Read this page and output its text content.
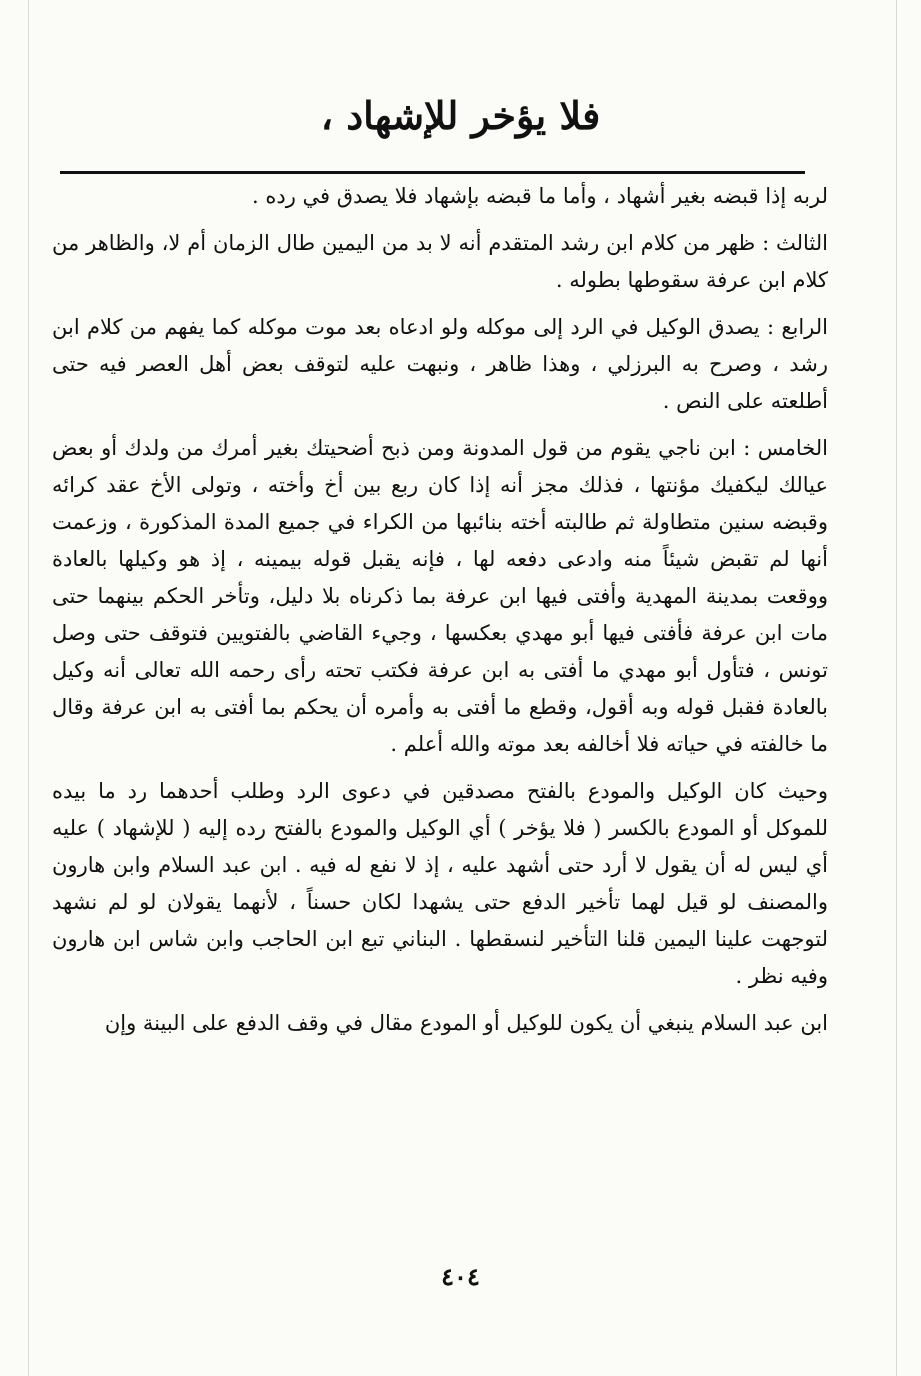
فلا يؤخر للإشهاد ،

لربه إذا قبضه بغير أشهاد ، وأما ما قبضه بإشهاد فلا يصدق في رده .

الثالث : ظهر من كلام ابن رشد المتقدم أنه لا بد من اليمين طال الزمان أم لا، والظاهر من كلام ابن عرفة سقوطها بطوله .

الرابع : يصدق الوكيل في الرد إلى موكله ولو ادعاه بعد موت موكله كما يفهم من كلام ابن رشد ، وصرح به البرزلي ، وهذا ظاهر ، ونبهت عليه لتوقف بعض أهل العصر فيه حتى أطلعته على النص .

الخامس : ابن ناجي يقوم من قول المدونة ومن ذبح أضحيتك بغير أمرك من ولدك أو بعض عيالك ليكفيك مؤنتها ، فذلك مجز أنه إذا كان ربع بين أخ وأخته ، وتولى الأخ عقد كرائه وقبضه سنين متطاولة ثم طالبته أخته بنائبها من الكراء في جميع المدة المذكورة ، وزعمت أنها لم تقبض شيئاً منه وادعى دفعه لها ، فإنه يقبل قوله بيمينه ، إذ هو وكيلها بالعادة ووقعت بمدينة المهدية وأفتى فيها ابن عرفة بما ذكرناه بلا دليل، وتأخر الحكم بينهما حتى مات ابن عرفة فأفتى فيها أبو مهدي بعكسها ، وجيء القاضي بالفتويين فتوقف حتى وصل تونس ، فتأول أبو مهدي ما أفتى به ابن عرفة فكتب تحته رأى رحمه الله تعالى أنه وكيل بالعادة فقبل قوله وبه أقول، وقطع ما أفتى به وأمره أن يحكم بما أفتى به ابن عرفة وقال ما خالفته في حياته فلا أخالفه بعد موته والله أعلم .

وحيث كان الوكيل والمودع بالفتح مصدقين في دعوى الرد وطلب أحدهما رد ما بيده للموكل أو المودع بالكسر ( فلا يؤخر ) أي الوكيل والمودع بالفتح رده إليه ( للإشهاد ) عليه أي ليس له أن يقول لا أرد حتى أشهد عليه ، إذ لا نفع له فيه . ابن عبد السلام وابن هارون والمصنف لو قيل لهما تأخير الدفع حتى يشهدا لكان حسناً ، لأنهما يقولان لو لم نشهد لتوجهت علينا اليمين قلنا التأخير لنسقطها . البناني تبع ابن الحاجب وابن شاس ابن هارون وفيه نظر .

ابن عبد السلام ينبغي أن يكون للوكيل أو المودع مقال في وقف الدفع على البينة وإن

٤٠٤
